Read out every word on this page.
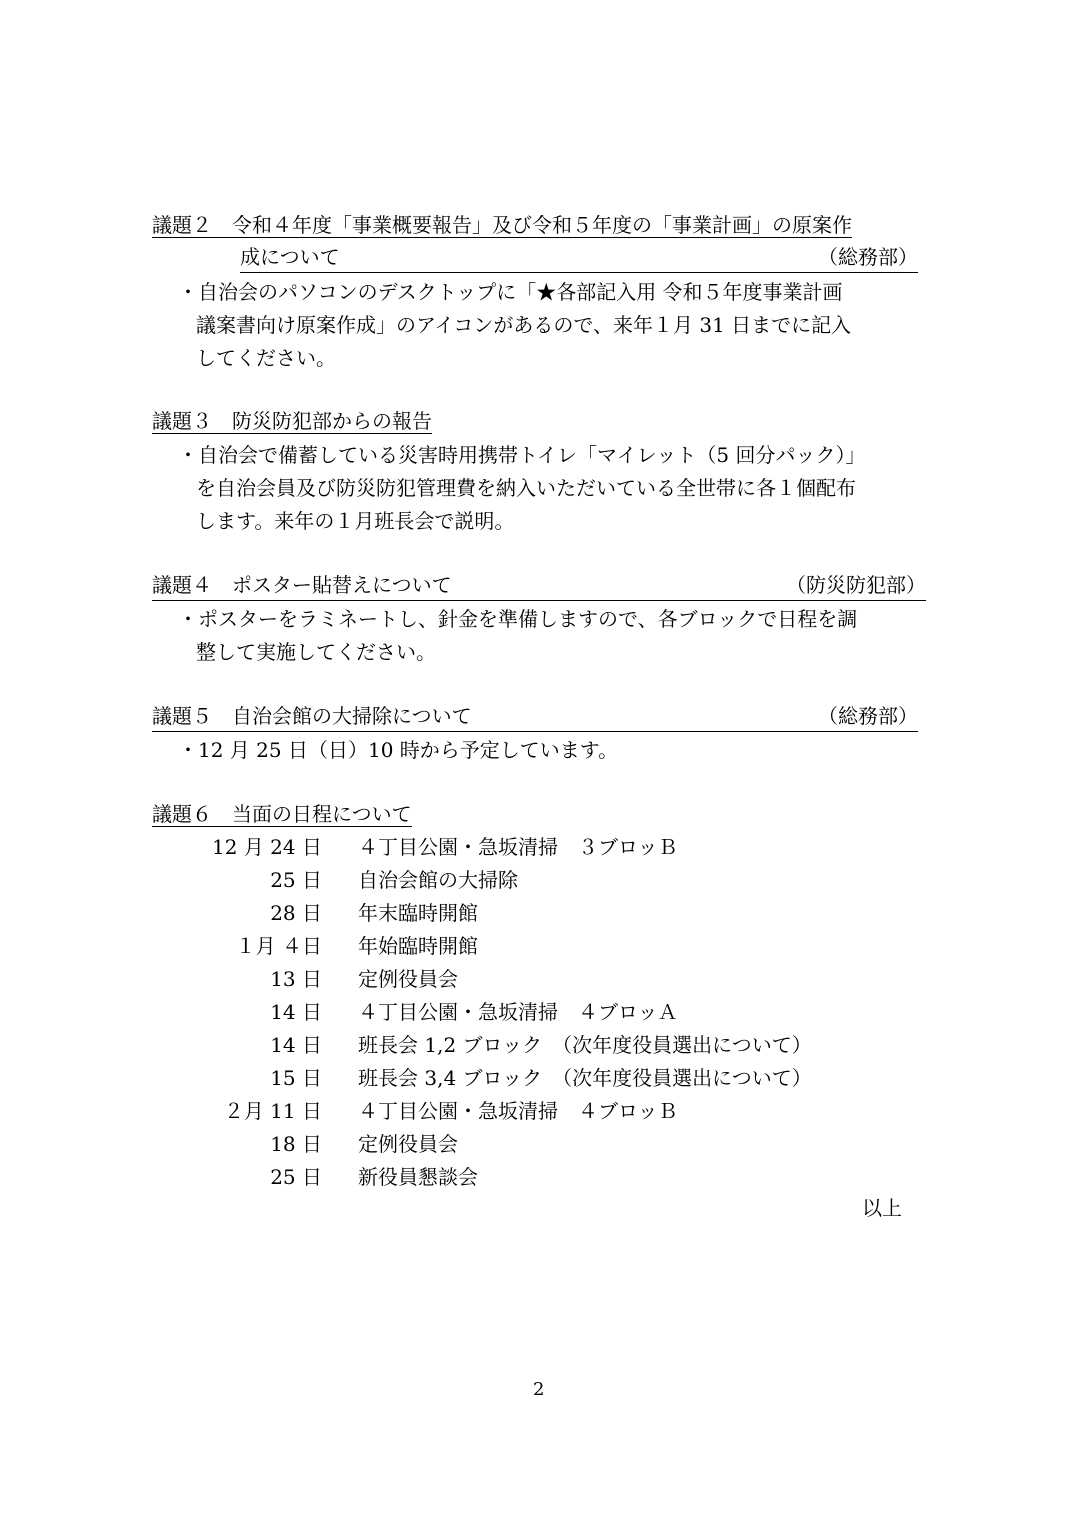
議題２　令和４年度「事業概要報告」及び令和５年度の「事業計画」の原案作
成について	（総務部）
・自治会のパソコンのデスクトップに「★各部記入用 令和５年度事業計画
議案書向け原案作成」のアイコンがあるので、来年１月 31 日までに記入
してください。
議題３　防災防犯部からの報告
・自治会で備蓄している災害時用携帯トイレ「マイレット（5 回分パック）」
を自治会員及び防災防犯管理費を納入いただいている全世帯に各１個配布
します。来年の１月班長会で説明。
議題４　ポスター貼替えについて	（防災防犯部）
・ポスターをラミネートし、針金を準備しますので、各ブロックで日程を調
整して実施してください。
議題５　自治会館の大掃除について	（総務部）
・12 月 25 日（日）10 時から予定しています。
議題６　当面の日程について
12 月 24 日 ４丁目公園・急坂清掃　３ブロッＢ
25 日 自治会館の大掃除
28 日 年末臨時開館
１月 ４日 年始臨時開館
13 日 定例役員会
14 日 ４丁目公園・急坂清掃　４ブロッＡ
14 日 班長会 1,2 ブロック　（次年度役員選出について）
15 日 班長会 3,4 ブロック　（次年度役員選出について）
２月 11 日 ４丁目公園・急坂清掃　４ブロッＢ
18 日 定例役員会
25 日 新役員懇談会
以上
2
